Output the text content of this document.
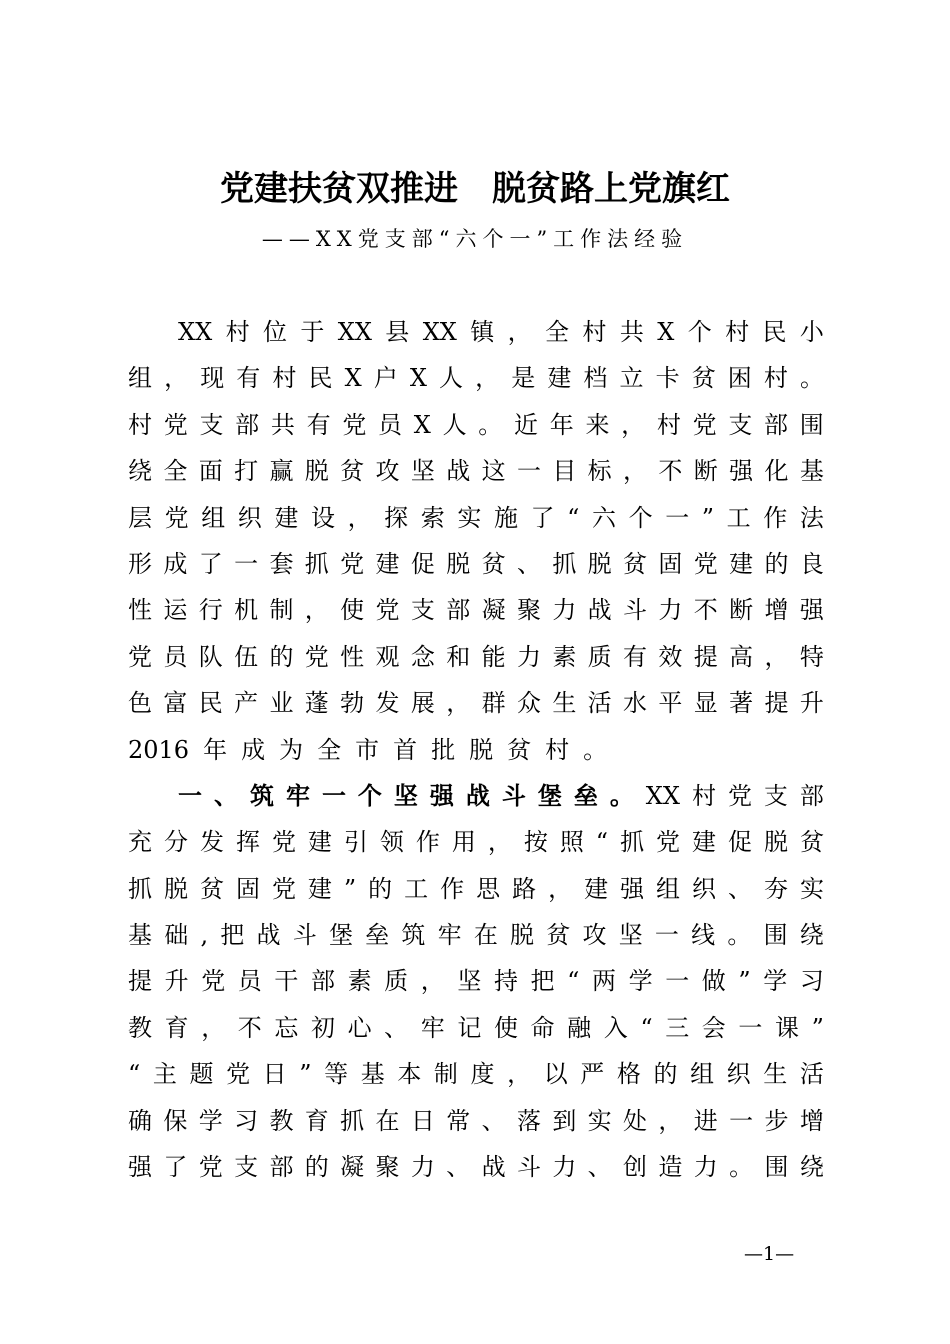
党建扶贫双推进 脱贫路上党旗红
——XX党支部“六个一”工作法经验
XX 村 位 于 XX 县 XX 镇 ， 全 村 共 X 个 村 民 小
组 ， 现 有 村 民 X 户 X 人 ， 是 建 档 立 卡 贫 困 村 。
村 党 支 部 共 有 党 员 X 人 。 近 年 来 ， 村 党 支 部 围
绕 全 面 打 赢 脱 贫 攻 坚 战 这 一 目 标 ， 不 断 强 化 基
层 党 组 织 建 设 ， 探 索 实 施 了 “ 六 个 一 ” 工 作 法
形 成 了 一 套 抓 党 建 促 脱 贫 、 抓 脱 贫 固 党 建 的 良
性 运 行 机 制 ， 使 党 支 部 凝 聚 力 战 斗 力 不 断 增 强
党 员 队 伍 的 党 性 观 念 和 能 力 素 质 有 效 提 高 ， 特
色 富 民 产 业 蓬 勃 发 展 ， 群 众 生 活 水 平 显 著 提 升
2016 年 成 为 全 市 首 批 脱 贫 村 。
一 、 筑 牢 一 个 坚 强 战 斗 堡 垒 。 XX 村 党 支 部
充 分 发 挥 党 建 引 领 作 用 ， 按 照 “ 抓 党 建 促 脱 贫
抓 脱 贫 固 党 建 ” 的 工 作 思 路 ， 建 强 组 织 、 夯 实
基 础 , 把 战 斗 堡 垒 筑 牢 在 脱 贫 攻 坚 一 线 。 围 绕
提 升 党 员 干 部 素 质 ， 坚 持 把 “ 两 学 一 做 ” 学 习
教 育 ， 不 忘 初 心 、 牢 记 使 命 融 入 “ 三 会 一 课 ”
“ 主 题 党 日 ” 等 基 本 制 度 ， 以 严 格 的 组 织 生 活
确 保 学 习 教 育 抓 在 日 常 、 落 到 实 处 ， 进 一 步 增
强 了 党 支 部 的 凝 聚 力 、 战 斗 力 、 创 造 力 。 围 绕
—1—
